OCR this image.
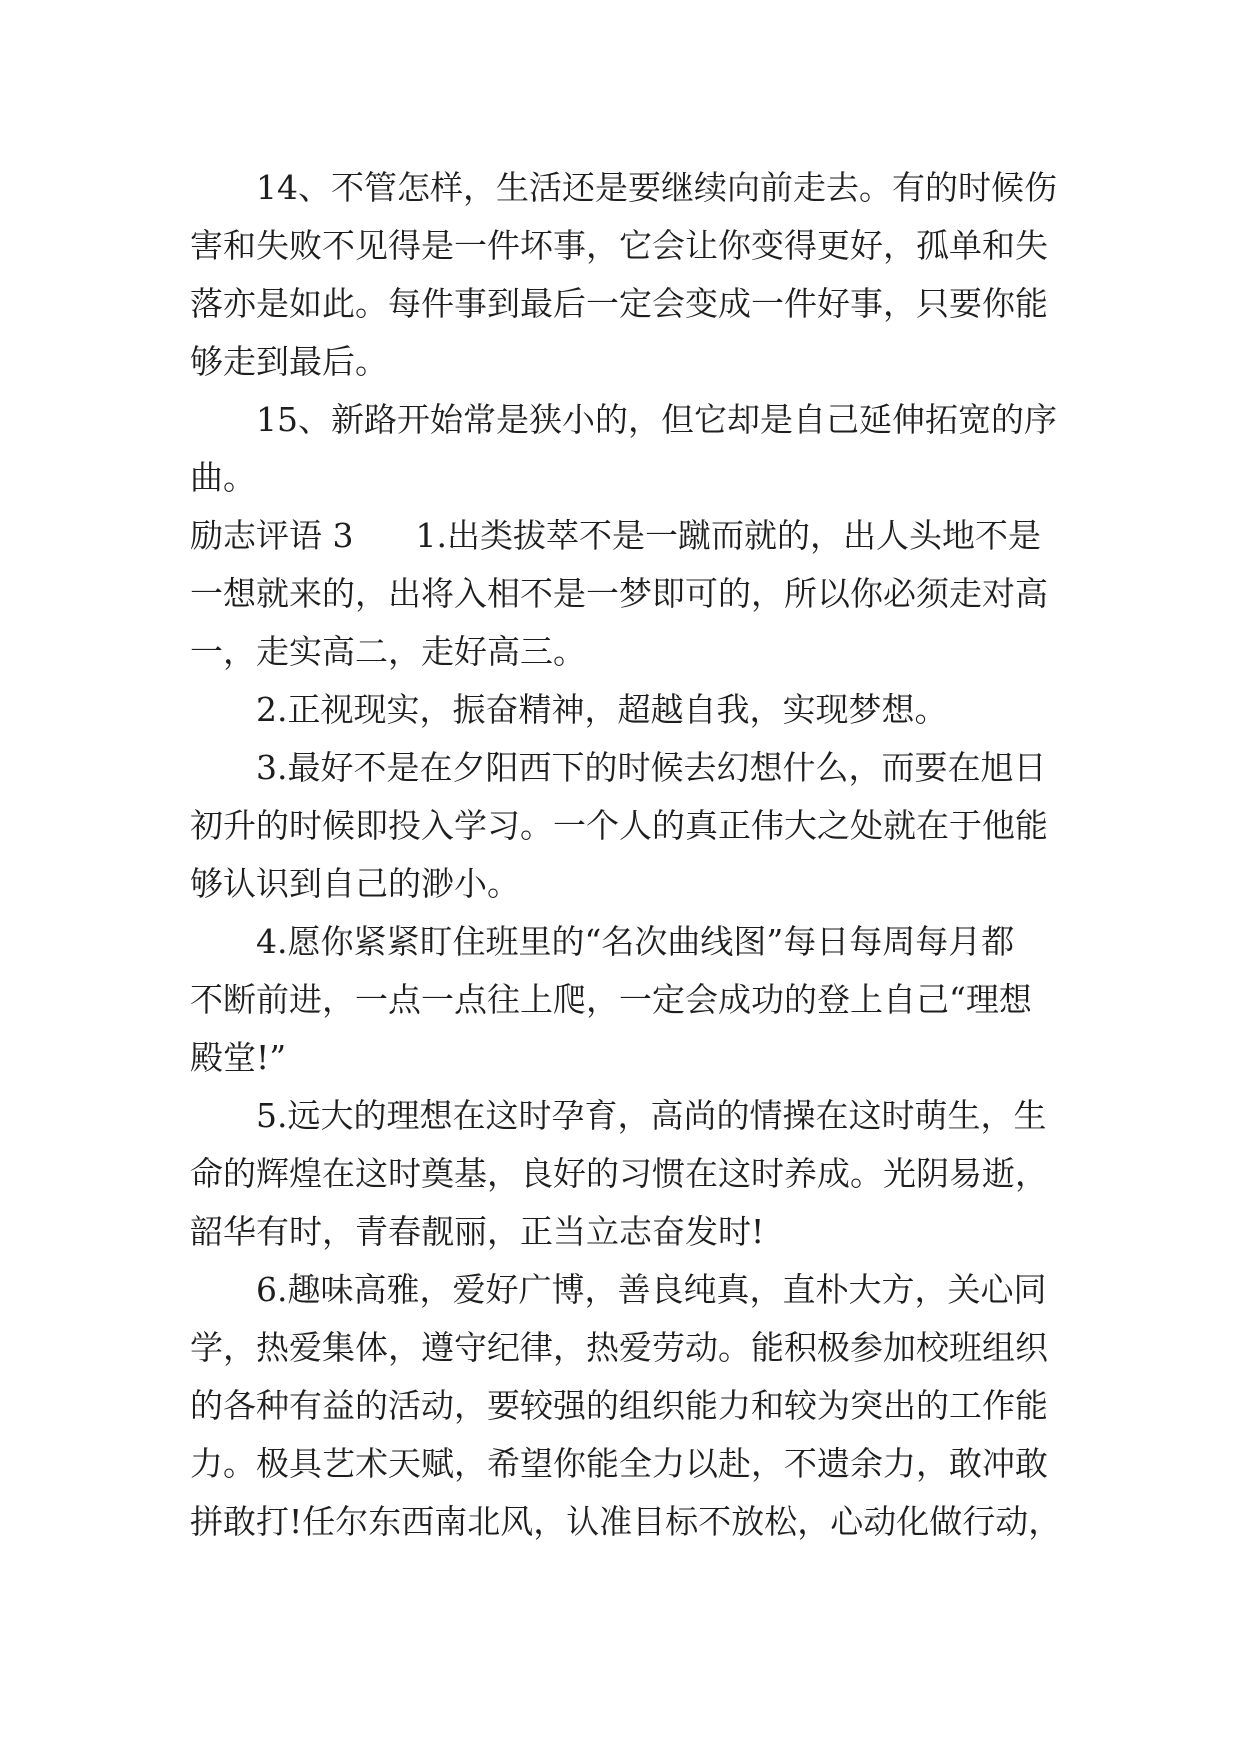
14、不管怎样，生活还是要继续向前走去。有的时候伤
害和失败不见得是一件坏事，它会让你变得更好，孤单和失
落亦是如此。每件事到最后一定会变成一件好事，只要你能
够走到最后。
15、新路开始常是狭小的，但它却是自己延伸拓宽的序
曲。
励志评语 3 1.出类拔萃不是一蹴而就的，出人头地不是
一想就来的，出将入相不是一梦即可的，所以你必须走对高
一，走实高二，走好高三。
2.正视现实，振奋精神，超越自我，实现梦想。
3.最好不是在夕阳西下的时候去幻想什么，而要在旭日
初升的时候即投入学习。一个人的真正伟大之处就在于他能
够认识到自己的渺小。
4.愿你紧紧盯住班里的“名次曲线图”每日每周每月都
不断前进，一点一点往上爬，一定会成功的登上自己“理想
殿堂!”
5.远大的理想在这时孕育，高尚的情操在这时萌生，生
命的辉煌在这时奠基，良好的习惯在这时养成。光阴易逝，
韶华有时，青春靓丽，正当立志奋发时!
6.趣味高雅，爱好广博，善良纯真，直朴大方，关心同
学，热爱集体，遵守纪律，热爱劳动。能积极参加校班组织
的各种有益的活动，要较强的组织能力和较为突出的工作能
力。极具艺术天赋，希望你能全力以赴，不遗余力，敢冲敢
拼敢打!任尔东西南北风，认准目标不放松，心动化做行动，
